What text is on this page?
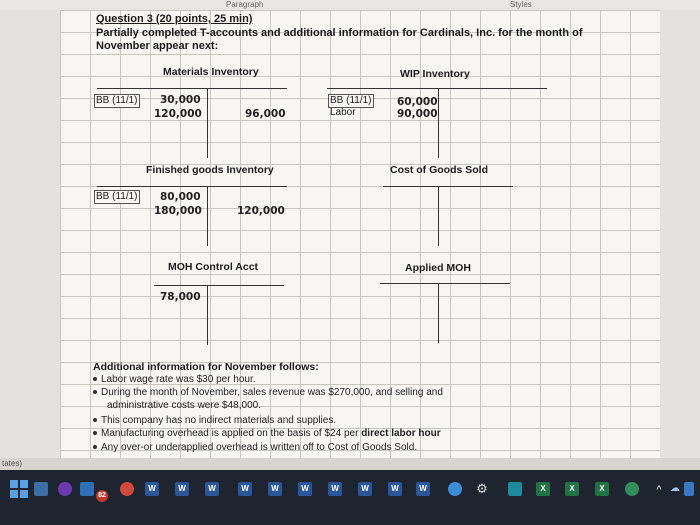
Paragraph	Styles
Question 3 (20 points, 25 min)
Partially completed T-accounts and additional information for Cardinals, Inc. for the month of
November appear next:
Materials Inventory
BB (11/1) 30,000
120,000	96,000
WIP Inventory
BB (11/1) 60,000
Labor	90,000
Finished goods Inventory
BB (11/1) 80,000
180,000	120,000
Cost of Goods Sold
MOH Control Acct
78,000
Applied MOH
Additional information for November follows:
Labor wage rate was $30 per hour.
During the month of November, sales revenue was $270,000, and selling and
administrative costs were $48,000.
This company has no indirect materials and supplies.
Manufacturing overhead is applied on the basis of $24 per direct labor hour
Any over-or underapplied overhead is written off to Cost of Goods Sold.
tates)
82
W	W	W	W	W	W	W	W	W	W	⚙	X	X	X	^ ☁
